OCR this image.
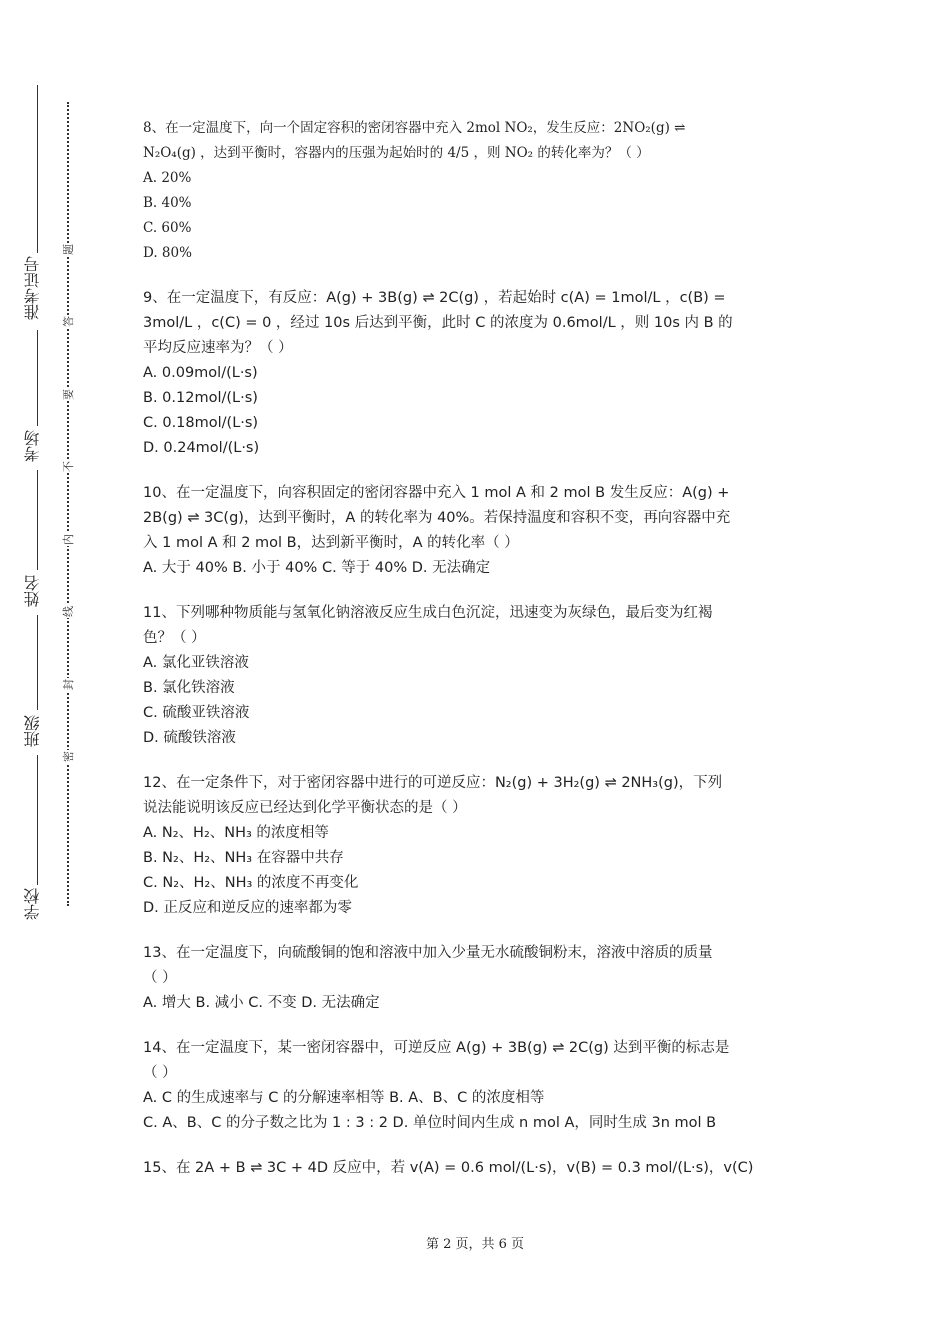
准考证号
考场
姓名
班级
学校
题
答
要
不
内
线
封
密

8、在一定温度下，向一个固定容积的密闭容器中充入 2mol NO₂，发生反应：2NO₂(g) ⇌

N₂O₄(g) ，达到平衡时，容器内的压强为起始时的 4/5 ，则 NO₂ 的转化率为？（ ）

A. 20%

B. 40%

C. 60%

D. 80%

9、在一定温度下，有反应：A(g) + 3B(g) ⇌ 2C(g) ，若起始时 c(A) = 1mol/L ，c(B) =

3mol/L ，c(C) = 0 ，经过 10s 后达到平衡，此时 C 的浓度为 0.6mol/L ，则 10s 内 B 的

平均反应速率为？（ ）

A. 0.09mol/(L·s)

B. 0.12mol/(L·s)

C. 0.18mol/(L·s)

D. 0.24mol/(L·s)

10、在一定温度下，向容积固定的密闭容器中充入 1 mol A 和 2 mol B 发生反应：A(g) +

2B(g) ⇌ 3C(g)，达到平衡时，A 的转化率为 40%。若保持温度和容积不变，再向容器中充

入 1 mol A 和 2 mol B，达到新平衡时，A 的转化率（ ）

A. 大于 40% B. 小于 40% C. 等于 40% D. 无法确定

11、下列哪种物质能与氢氧化钠溶液反应生成白色沉淀，迅速变为灰绿色，最后变为红褐

色？（ ）

A. 氯化亚铁溶液

B. 氯化铁溶液

C. 硫酸亚铁溶液

D. 硫酸铁溶液

12、在一定条件下，对于密闭容器中进行的可逆反应：N₂(g) + 3H₂(g) ⇌ 2NH₃(g)，下列

说法能说明该反应已经达到化学平衡状态的是（ ）

A. N₂、H₂、NH₃ 的浓度相等

B. N₂、H₂、NH₃ 在容器中共存

C. N₂、H₂、NH₃ 的浓度不再变化

D. 正反应和逆反应的速率都为零

13、在一定温度下，向硫酸铜的饱和溶液中加入少量无水硫酸铜粉末，溶液中溶质的质量

（ ）

A. 增大 B. 减小 C. 不变 D. 无法确定

14、在一定温度下，某一密闭容器中，可逆反应 A(g) + 3B(g) ⇌ 2C(g) 达到平衡的标志是

（ ）

A. C 的生成速率与 C 的分解速率相等 B. A、B、C 的浓度相等

C. A、B、C 的分子数之比为 1 : 3 : 2 D. 单位时间内生成 n mol A，同时生成 3n mol B

15、在 2A + B ⇌ 3C + 4D 反应中，若 v(A) = 0.6 mol/(L·s)，v(B) = 0.3 mol/(L·s)，v(C)

第 2 页，共 6 页
